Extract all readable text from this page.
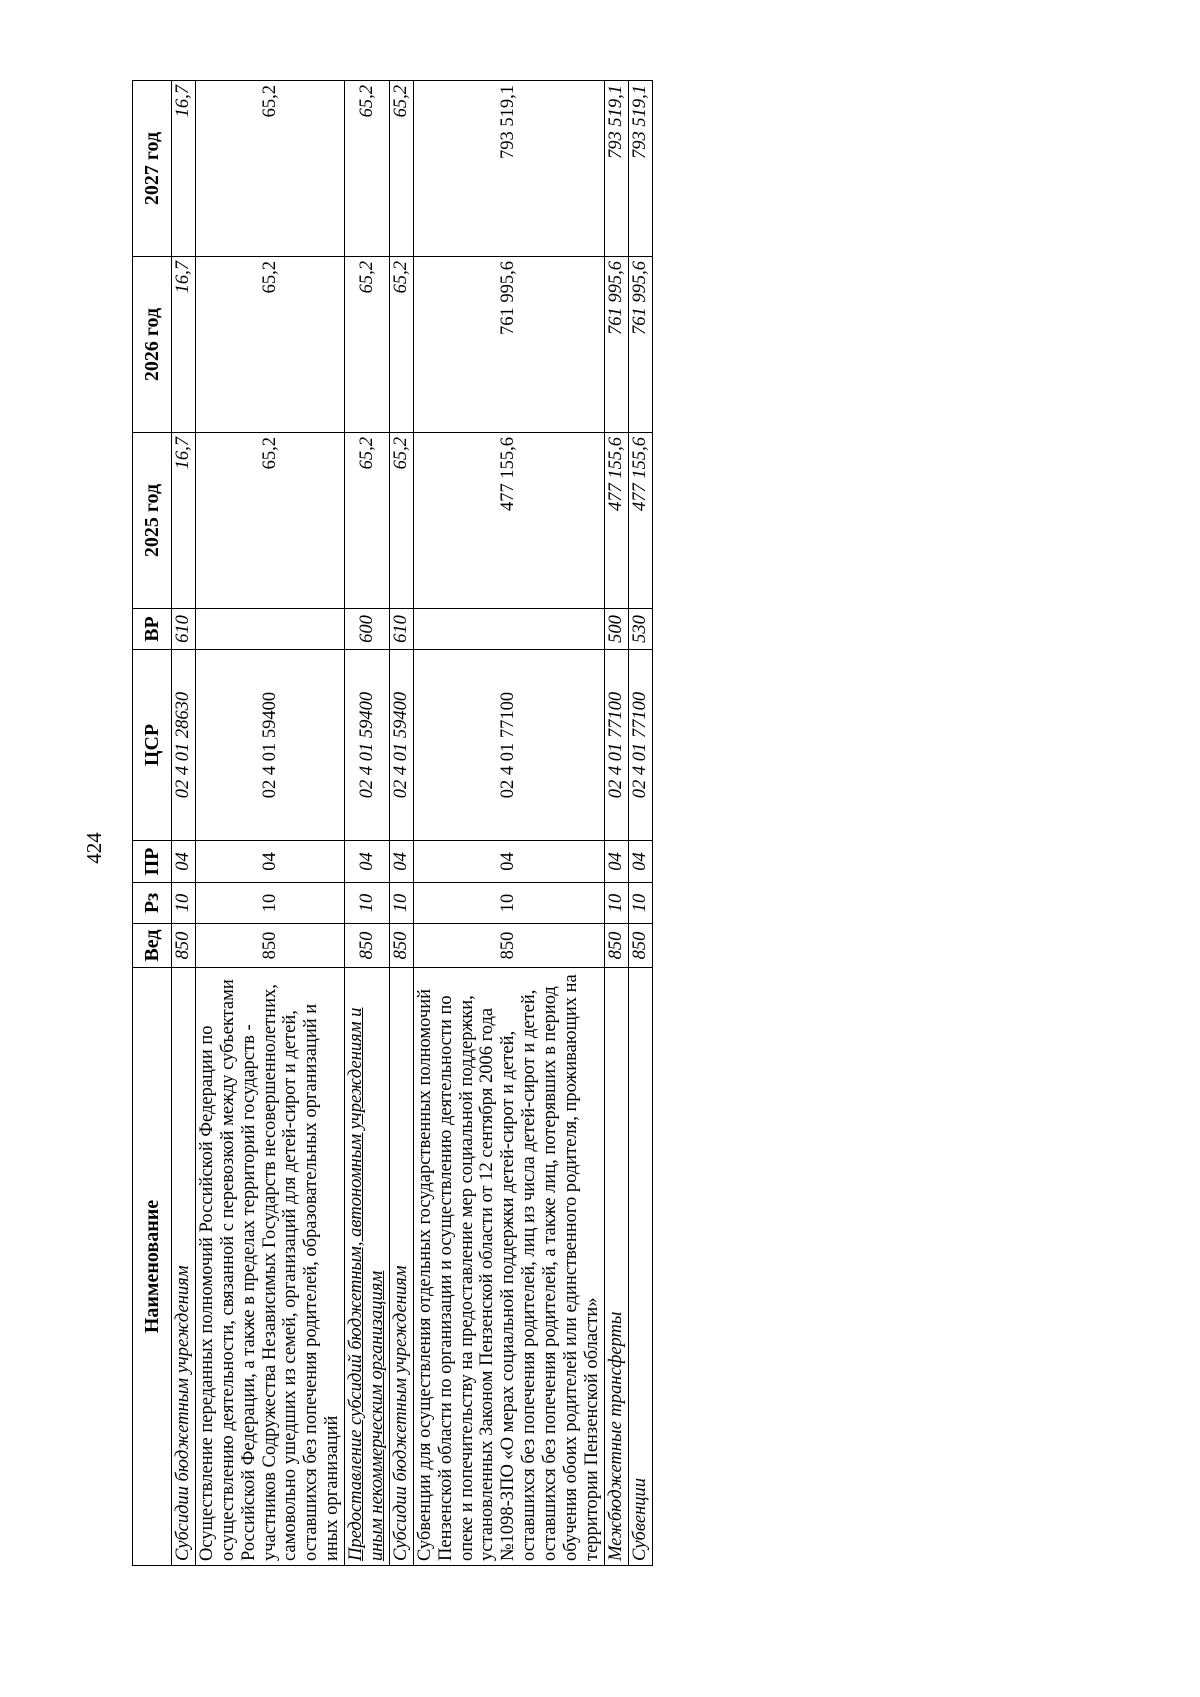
424
Наименование	Вед	Рз	ПР	ЦСР	ВР	2025 год	2026 год	2027 год
Субсидии бюджетным учреждениям	850	10	04	02 4 01 28630	610	16,7	16,7	16,7
Осуществление переданных полномочий Российской Федерации по осуществлению деятельности, связанной с перевозкой между субъектами Российской Федерации, а также в пределах территорий государств - участников Содружества Независимых Государств несовершеннолетних, самовольно ушедших из семей, организаций для детей-сирот и детей, оставшихся без попечения родителей, образовательных организаций и иных организаций	850	10	04	02 4 01 59400		65,2	65,2	65,2
Предоставление субсидий бюджетным, автономным учреждениям и иным некоммерческим организациям	850	10	04	02 4 01 59400	600	65,2	65,2	65,2
Субсидии бюджетным учреждениям	850	10	04	02 4 01 59400	610	65,2	65,2	65,2
Субвенции для осуществления отдельных государственных полномочий Пензенской области по организации и осуществлению деятельности по опеке и попечительству на предоставление мер социальной поддержки, установленных Законом Пензенской области от 12 сентября 2006 года №1098-ЗПО «О мерах социальной поддержки детей-сирот и детей, оставшихся без попечения родителей, лиц из числа детей-сирот и детей, оставшихся без попечения родителей, а также лиц, потерявших в период обучения обоих родителей или единственного родителя, проживающих на территории Пензенской области»	850	10	04	02 4 01 77100		477 155,6	761 995,6	793 519,1
Межбюджетные трансферты	850	10	04	02 4 01 77100	500	477 155,6	761 995,6	793 519,1
Субвенции	850	10	04	02 4 01 77100	530	477 155,6	761 995,6	793 519,1
